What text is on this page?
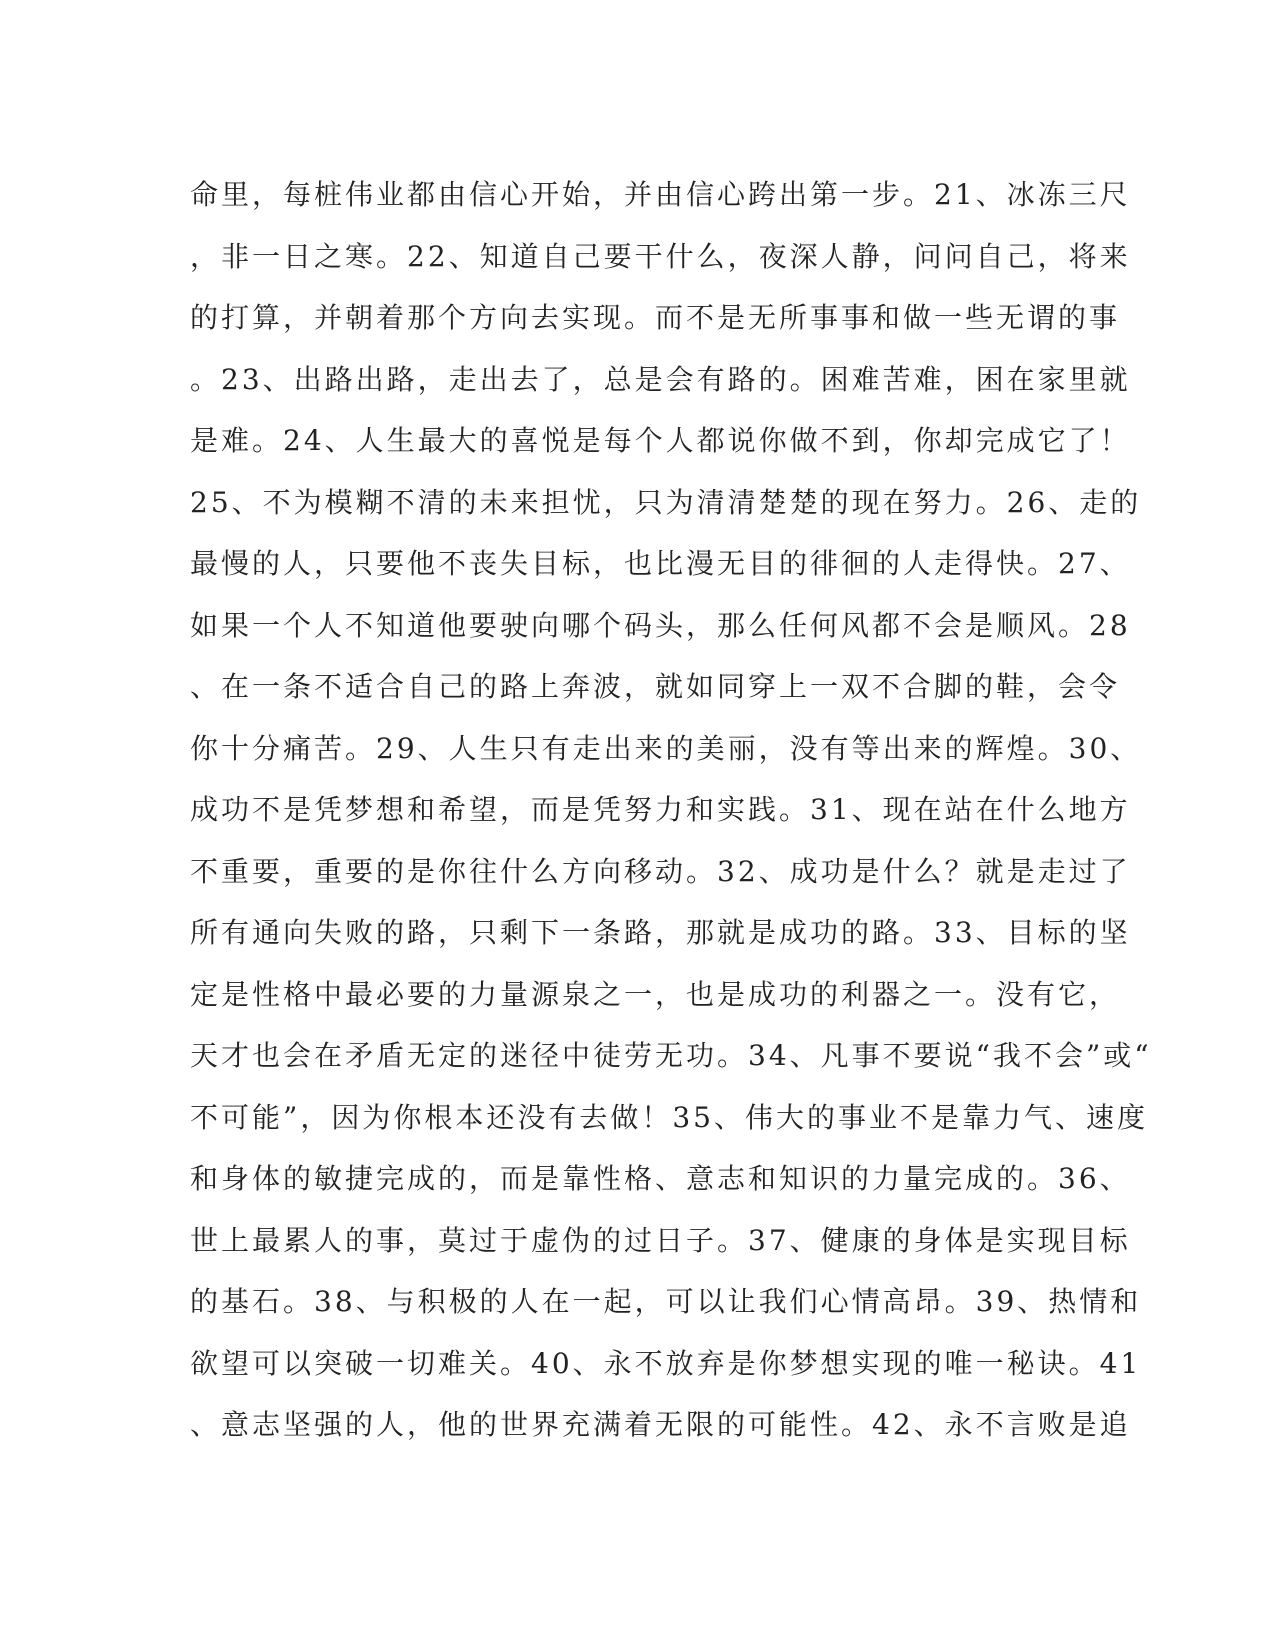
命里，每桩伟业都由信心开始，并由信心跨出第一步。21、冰冻三尺
，非一日之寒。22、知道自己要干什么，夜深人静，问问自己，将来
的打算，并朝着那个方向去实现。而不是无所事事和做一些无谓的事
。23、出路出路，走出去了，总是会有路的。困难苦难，困在家里就
是难。24、人生最大的喜悦是每个人都说你做不到，你却完成它了！
25、不为模糊不清的未来担忧，只为清清楚楚的现在努力。26、走的
最慢的人，只要他不丧失目标，也比漫无目的徘徊的人走得快。27、
如果一个人不知道他要驶向哪个码头，那么任何风都不会是顺风。28
、在一条不适合自己的路上奔波，就如同穿上一双不合脚的鞋，会令
你十分痛苦。29、人生只有走出来的美丽，没有等出来的辉煌。30、
成功不是凭梦想和希望，而是凭努力和实践。31、现在站在什么地方
不重要，重要的是你往什么方向移动。32、成功是什么？就是走过了
所有通向失败的路，只剩下一条路，那就是成功的路。33、目标的坚
定是性格中最必要的力量源泉之一，也是成功的利器之一。没有它，
天才也会在矛盾无定的迷径中徒劳无功。34、凡事不要说“我不会”或“
不可能”，因为你根本还没有去做！35、伟大的事业不是靠力气、速度
和身体的敏捷完成的，而是靠性格、意志和知识的力量完成的。36、
世上最累人的事，莫过于虚伪的过日子。37、健康的身体是实现目标
的基石。38、与积极的人在一起，可以让我们心情高昂。39、热情和
欲望可以突破一切难关。40、永不放弃是你梦想实现的唯一秘诀。41
、意志坚强的人，他的世界充满着无限的可能性。42、永不言败是追
